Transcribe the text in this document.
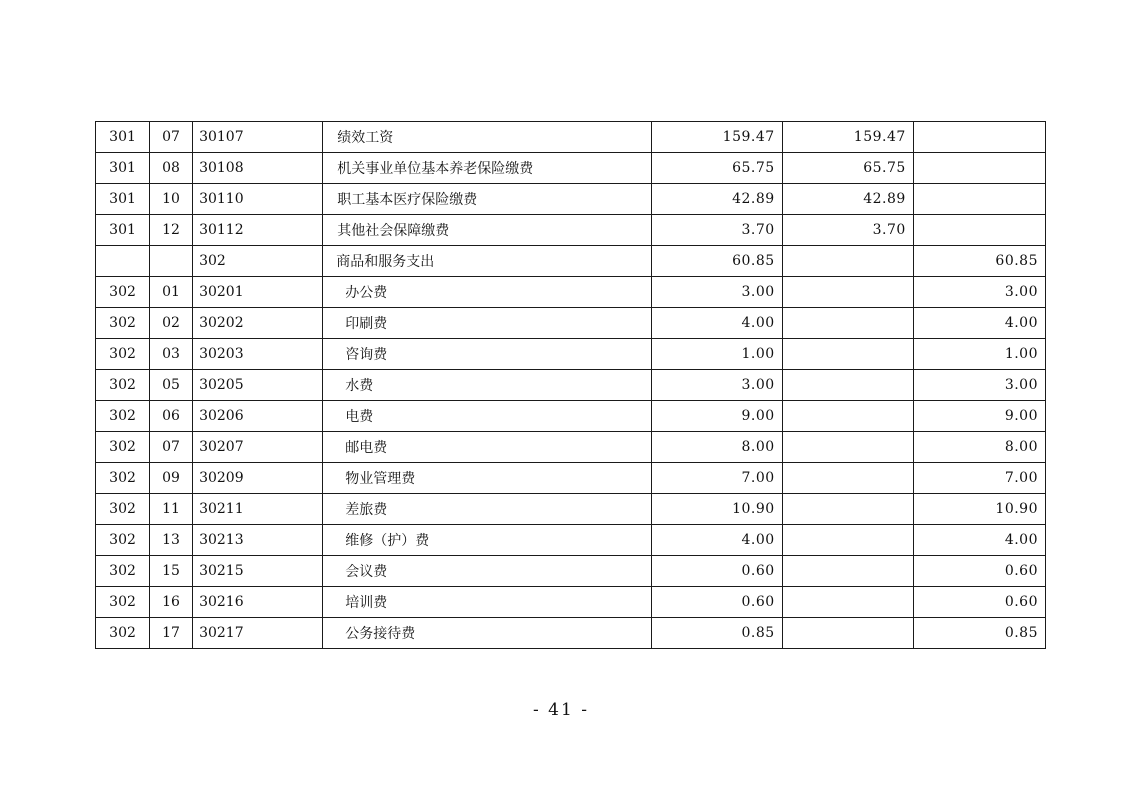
301	07	30107	绩效工资	159.47	159.47	
301	08	30108	机关事业单位基本养老保险缴费	65.75	65.75	
301	10	30110	职工基本医疗保险缴费	42.89	42.89	
301	12	30112	其他社会保障缴费	3.70	3.70	
		302	商品和服务支出	60.85		60.85
302	01	30201	办公费	3.00		3.00
302	02	30202	印刷费	4.00		4.00
302	03	30203	咨询费	1.00		1.00
302	05	30205	水费	3.00		3.00
302	06	30206	电费	9.00		9.00
302	07	30207	邮电费	8.00		8.00
302	09	30209	物业管理费	7.00		7.00
302	11	30211	差旅费	10.90		10.90
302	13	30213	维修（护）费	4.00		4.00
302	15	30215	会议费	0.60		0.60
302	16	30216	培训费	0.60		0.60
302	17	30217	公务接待费	0.85		0.85
- 41 -
